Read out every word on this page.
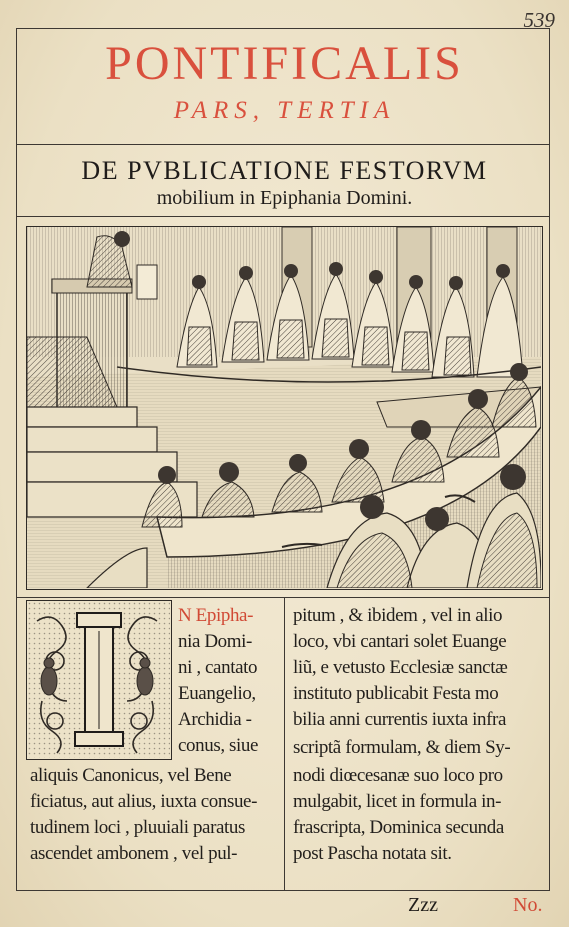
539
PONTIFICALIS
PARS, TERTIA
DE PVBLICATIONE FESTORVM
mobilium in Epiphania Domini.
N Epipha-
nia Domi-
ni , cantato
Euangelio,
Archidia -
conus, siue
aliquis Canonicus, vel Bene
ficiatus, aut alius, iuxta consue-
tudinem loci , pluuiali paratus
ascendet ambonem , vel pul-
pitum , & ibidem , vel in alio
loco, vbi cantari solet Euange
liũ, e vetusto Ecclesiæ sanctæ
instituto publicabit Festa mo
bilia anni currentis iuxta infra
scriptã formulam, & diem Sy-
nodi diœcesanæ suo loco pro
mulgabit, licet in formula in-
frascripta, Dominica secunda
post Pascha notata sit.
Zzz	No.
